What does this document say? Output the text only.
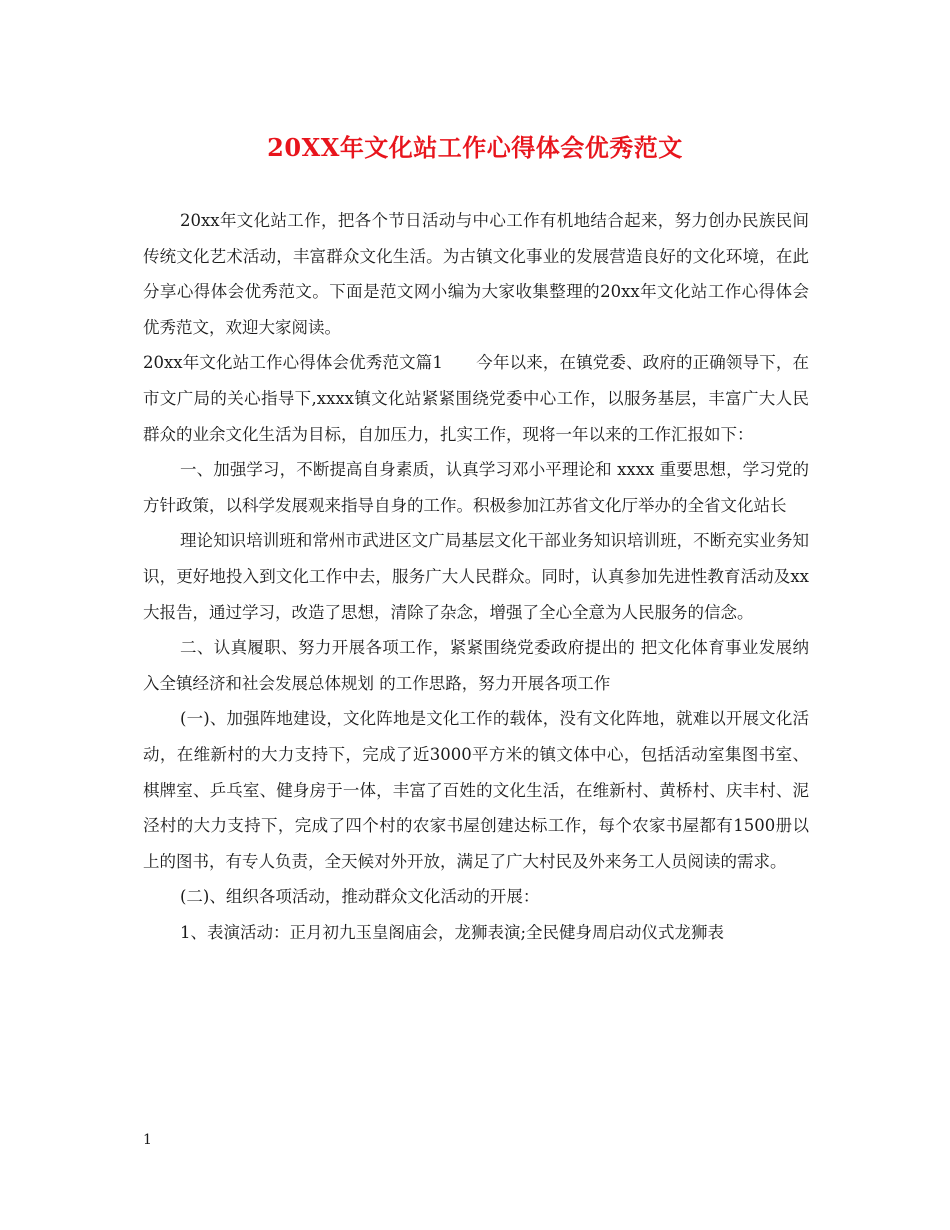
20XX年文化站工作心得体会优秀范文

20xx年文化站工作，把各个节日活动与中心工作有机地结合起来，努力创办民族民间传统文化艺术活动，丰富群众文化生活。为古镇文化事业的发展营造良好的文化环境，在此分享心得体会优秀范文。下面是范文网小编为大家收集整理的20xx年文化站工作心得体会优秀范文，欢迎大家阅读。

20xx年文化站工作心得体会优秀范文篇1　　今年以来，在镇党委、政府的正确领导下，在市文广局的关心指导下,xxxx镇文化站紧紧围绕党委中心工作，以服务基层，丰富广大人民群众的业余文化生活为目标，自加压力，扎实工作，现将一年以来的工作汇报如下：

一、加强学习，不断提高自身素质，认真学习邓小平理论和 xxxx 重要思想，学习党的方针政策，以科学发展观来指导自身的工作。积极参加江苏省文化厅举办的全省文化站长

理论知识培训班和常州市武进区文广局基层文化干部业务知识培训班，不断充实业务知识，更好地投入到文化工作中去，服务广大人民群众。同时，认真参加先进性教育活动及xx大报告，通过学习，改造了思想，清除了杂念，增强了全心全意为人民服务的信念。

二、认真履职、努力开展各项工作，紧紧围绕党委政府提出的 把文化体育事业发展纳入全镇经济和社会发展总体规划 的工作思路，努力开展各项工作

(一)、加强阵地建设，文化阵地是文化工作的载体，没有文化阵地，就难以开展文化活动，在维新村的大力支持下，完成了近3000平方米的镇文体中心，包括活动室集图书室、棋牌室、乒乓室、健身房于一体，丰富了百姓的文化生活，在维新村、黄桥村、庆丰村、泥泾村的大力支持下，完成了四个村的农家书屋创建达标工作，每个农家书屋都有1500册以上的图书，有专人负责，全天候对外开放，满足了广大村民及外来务工人员阅读的需求。

(二)、组织各项活动，推动群众文化活动的开展：

1、表演活动：正月初九玉皇阁庙会，龙狮表演;全民健身周启动仪式龙狮表

1
